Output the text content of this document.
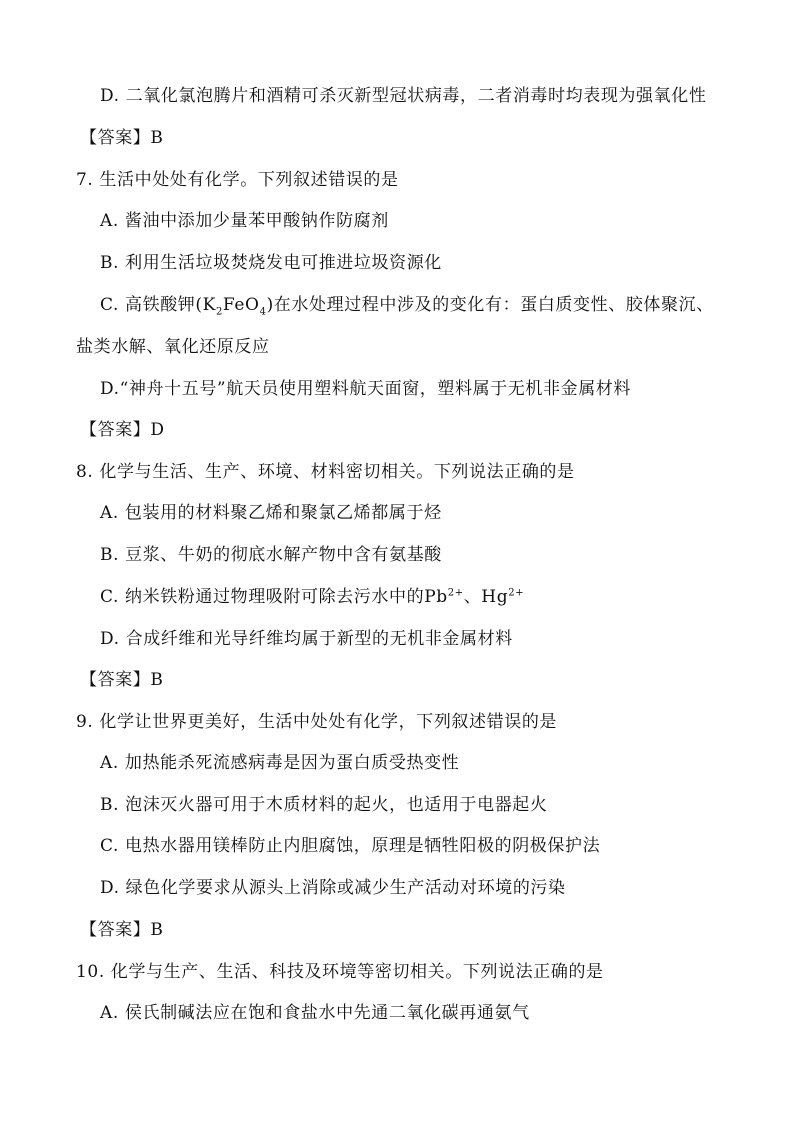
D. 二氧化氯泡腾片和酒精可杀灭新型冠状病毒，二者消毒时均表现为强氧化性
【答案】B
7. 生活中处处有化学。下列叙述错误的是
A. 酱油中添加少量苯甲酸钠作防腐剂
B. 利用生活垃圾焚烧发电可推进垃圾资源化
C. 高铁酸钾$(K_2FeO_4)$在水处理过程中涉及的变化有：蛋白质变性、胶体聚沉、
盐类水解、氧化还原反应
D.“神舟十五号”航天员使用塑料航天面窗，塑料属于无机非金属材料
【答案】D
8. 化学与生活、生产、环境、材料密切相关。下列说法正确的是
A. 包装用的材料聚乙烯和聚氯乙烯都属于烃
B. 豆浆、牛奶的彻底水解产物中含有氨基酸
C. 纳米铁粉通过物理吸附可除去污水中的$Pb^{2+}$、$Hg^{2+}$
D. 合成纤维和光导纤维均属于新型的无机非金属材料
【答案】B
9. 化学让世界更美好，生活中处处有化学，下列叙述错误的是
A. 加热能杀死流感病毒是因为蛋白质受热变性
B. 泡沫灭火器可用于木质材料的起火，也适用于电器起火
C. 电热水器用镁棒防止内胆腐蚀，原理是牺牲阳极的阴极保护法
D. 绿色化学要求从源头上消除或减少生产活动对环境的污染
【答案】B
10. 化学与生产、生活、科技及环境等密切相关。下列说法正确的是
A. 侯氏制碱法应在饱和食盐水中先通二氧化碳再通氨气
